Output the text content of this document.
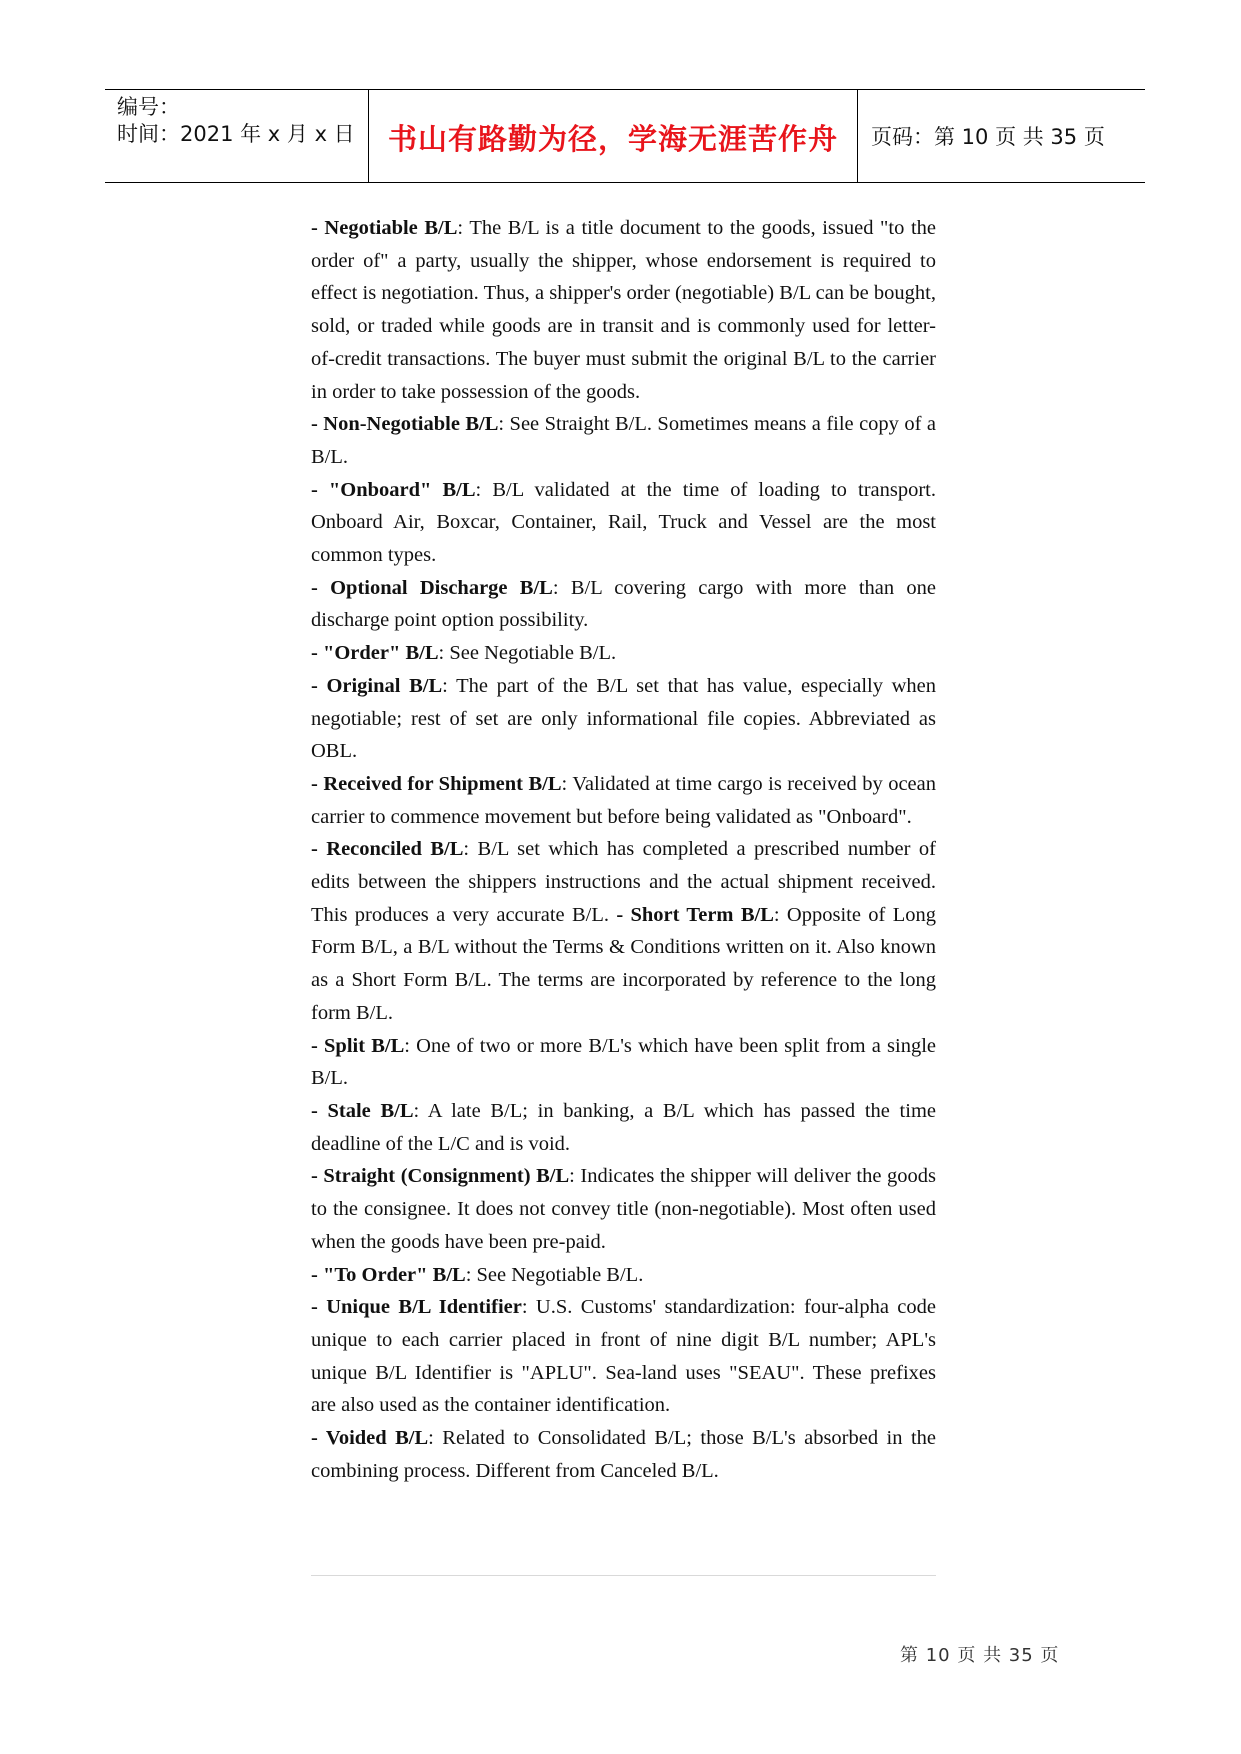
编号：
时间：2021 年 x 月 x 日 书山有路勤为径，学海无涯苦作舟 页码：第 10 页 共 35 页

- Negotiable B/L: The B/L is a title document to the goods, issued "to the order of" a party, usually the shipper, whose endorsement is required to effect is negotiation. Thus, a shipper's order (negotiable) B/L can be bought, sold, or traded while goods are in transit and is commonly used for letter-of-credit transactions. The buyer must submit the original B/L to the carrier in order to take possession of the goods.

- Non-Negotiable B/L: See Straight B/L. Sometimes means a file copy of a B/L.

- "Onboard" B/L: B/L validated at the time of loading to transport. Onboard Air, Boxcar, Container, Rail, Truck and Vessel are the most common types.

- Optional Discharge B/L: B/L covering cargo with more than one discharge point option possibility.

- "Order" B/L: See Negotiable B/L.

- Original B/L: The part of the B/L set that has value, especially when negotiable; rest of set are only informational file copies. Abbreviated as OBL.

- Received for Shipment B/L: Validated at time cargo is received by ocean carrier to commence movement but before being validated as "Onboard".

- Reconciled B/L: B/L set which has completed a prescribed number of edits between the shippers instructions and the actual shipment received. This produces a very accurate B/L. - Short Term B/L: Opposite of Long Form B/L, a B/L without the Terms & Conditions written on it. Also known as a Short Form B/L. The terms are incorporated by reference to the long form B/L.

- Split B/L: One of two or more B/L's which have been split from a single B/L.

- Stale B/L: A late B/L; in banking, a B/L which has passed the time deadline of the L/C and is void.

- Straight (Consignment) B/L: Indicates the shipper will deliver the goods to the consignee. It does not convey title (non-negotiable). Most often used when the goods have been pre-paid.

- "To Order" B/L: See Negotiable B/L.

- Unique B/L Identifier: U.S. Customs' standardization: four-alpha code unique to each carrier placed in front of nine digit B/L number; APL's unique B/L Identifier is "APLU". Sea-land uses "SEAU". These prefixes are also used as the container identification.

- Voided B/L: Related to Consolidated B/L; those B/L's absorbed in the combining process. Different from Canceled B/L.

第 10 页 共 35 页
